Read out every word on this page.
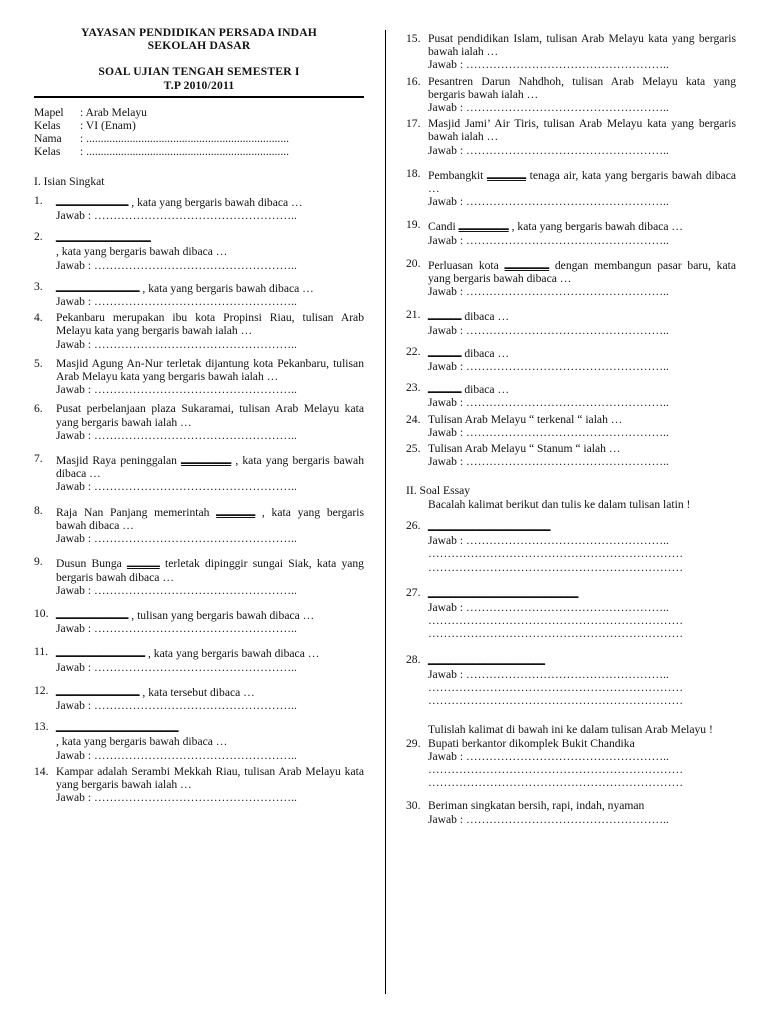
YAYASAN PENDIDIKAN PERSADA INDAH
SEKOLAH DASAR
SOAL UJIAN TENGAH SEMESTER I
T.P 2010/2011
Mapel	: Arab Melayu
Kelas	: VI (Enam)
Nama	: ......................................................................
Kelas	: ......................................................................
I. Isian Singkat
1. ـــــــــــــ , kata yang bergaris bawah dibaca …
Jawab : ……………………………………………..
2. ـــــــــــــــــ
, kata yang bergaris bawah dibaca …
Jawab : ……………………………………………..
3. ـــــــــــــــ , kata yang bergaris bawah dibaca …
Jawab : ……………………………………………..
4.	Pekanbaru merupakan ibu kota Propinsi Riau, tulisan Arab Melayu kata yang bergaris bawah ialah …
Jawab : ……………………………………………..
5.	Masjid Agung An-Nur terletak dijantung kota Pekanbaru, tulisan Arab Melayu kata yang bergaris bawah ialah …
Jawab : ……………………………………………..
6.	Pusat perbelanjaan plaza Sukaramai, tulisan Arab Melayu kata yang bergaris bawah ialah …
Jawab : ……………………………………………..
7.	Masjid Raya peninggalan ـــــــــ , kata yang bergaris bawah dibaca …
Jawab : ……………………………………………..
8.	Raja Nan Panjang memerintah ـــــــ , kata yang bergaris bawah dibaca …
Jawab : ……………………………………………..
9.	Dusun Bunga ـــــــ terletak dipinggir sungai Siak, kata yang bergaris bawah dibaca …
Jawab : ……………………………………………..
10. ـــــــــــــ , tulisan yang bergaris bawah dibaca …
Jawab : ……………………………………………..
11. ــــــــــــــــ , kata yang bergaris bawah dibaca …
Jawab : ……………………………………………..
12. ـــــــــــــــ , kata tersebut dibaca …
Jawab : ……………………………………………..
13. ــــــــــــــــــــــ
, kata yang bergaris bawah dibaca …
Jawab : ……………………………………………..
14. Kampar adalah Serambi Mekkah Riau, tulisan Arab Melayu kata yang bergaris bawah ialah …
Jawab : ……………………………………………..
15. Pusat pendidikan Islam, tulisan Arab Melayu kata yang bergaris bawah ialah …
Jawab : ……………………………………………..
16. Pesantren Darun Nahdhoh, tulisan Arab Melayu kata yang bergaris bawah ialah …
Jawab : ……………………………………………..
17. Masjid Jami’ Air Tiris, tulisan Arab Melayu kata yang bergaris bawah ialah …
Jawab : ……………………………………………..
18. Pembangkit ـــــــ tenaga air, kata yang bergaris bawah dibaca …
Jawab : ……………………………………………..
19. Candi ـــــــــ , kata yang bergaris bawah dibaca …
Jawab : ……………………………………………..
20. Perluasan kota ــــــــ dengan membangun pasar baru, kata yang bergaris bawah dibaca …
Jawab : ……………………………………………..
21. ــــــ dibaca …
Jawab : ……………………………………………..
22. ــــــ dibaca …
Jawab : ……………………………………………..
23. ــــــ dibaca …
Jawab : ……………………………………………..
24. Tulisan Arab Melayu “ terkenal “ ialah …
Jawab : ……………………………………………..
25. Tulisan Arab Melayu “ Stanum “ ialah …
Jawab : ……………………………………………..
II. Soal Essay
Bacalah kalimat berikut dan tulis ke dalam tulisan latin !
26. ــــــــــــــــــــــ
Jawab : ……………………………………………..
…………………………………………………………
…………………………………………………………
27. ـــــــــــــــــــــــــــ
Jawab : ……………………………………………..
…………………………………………………………
…………………………………………………………
28. ـــــــــــــــــــــ
Jawab : ……………………………………………..
…………………………………………………………
…………………………………………………………
Tulislah kalimat di bawah ini ke dalam tulisan Arab Melayu !
29. Bupati berkantor dikomplek Bukit Chandika
Jawab : ……………………………………………..
…………………………………………………………
…………………………………………………………
30. Beriman singkatan bersih, rapi, indah, nyaman
Jawab : ……………………………………………..
